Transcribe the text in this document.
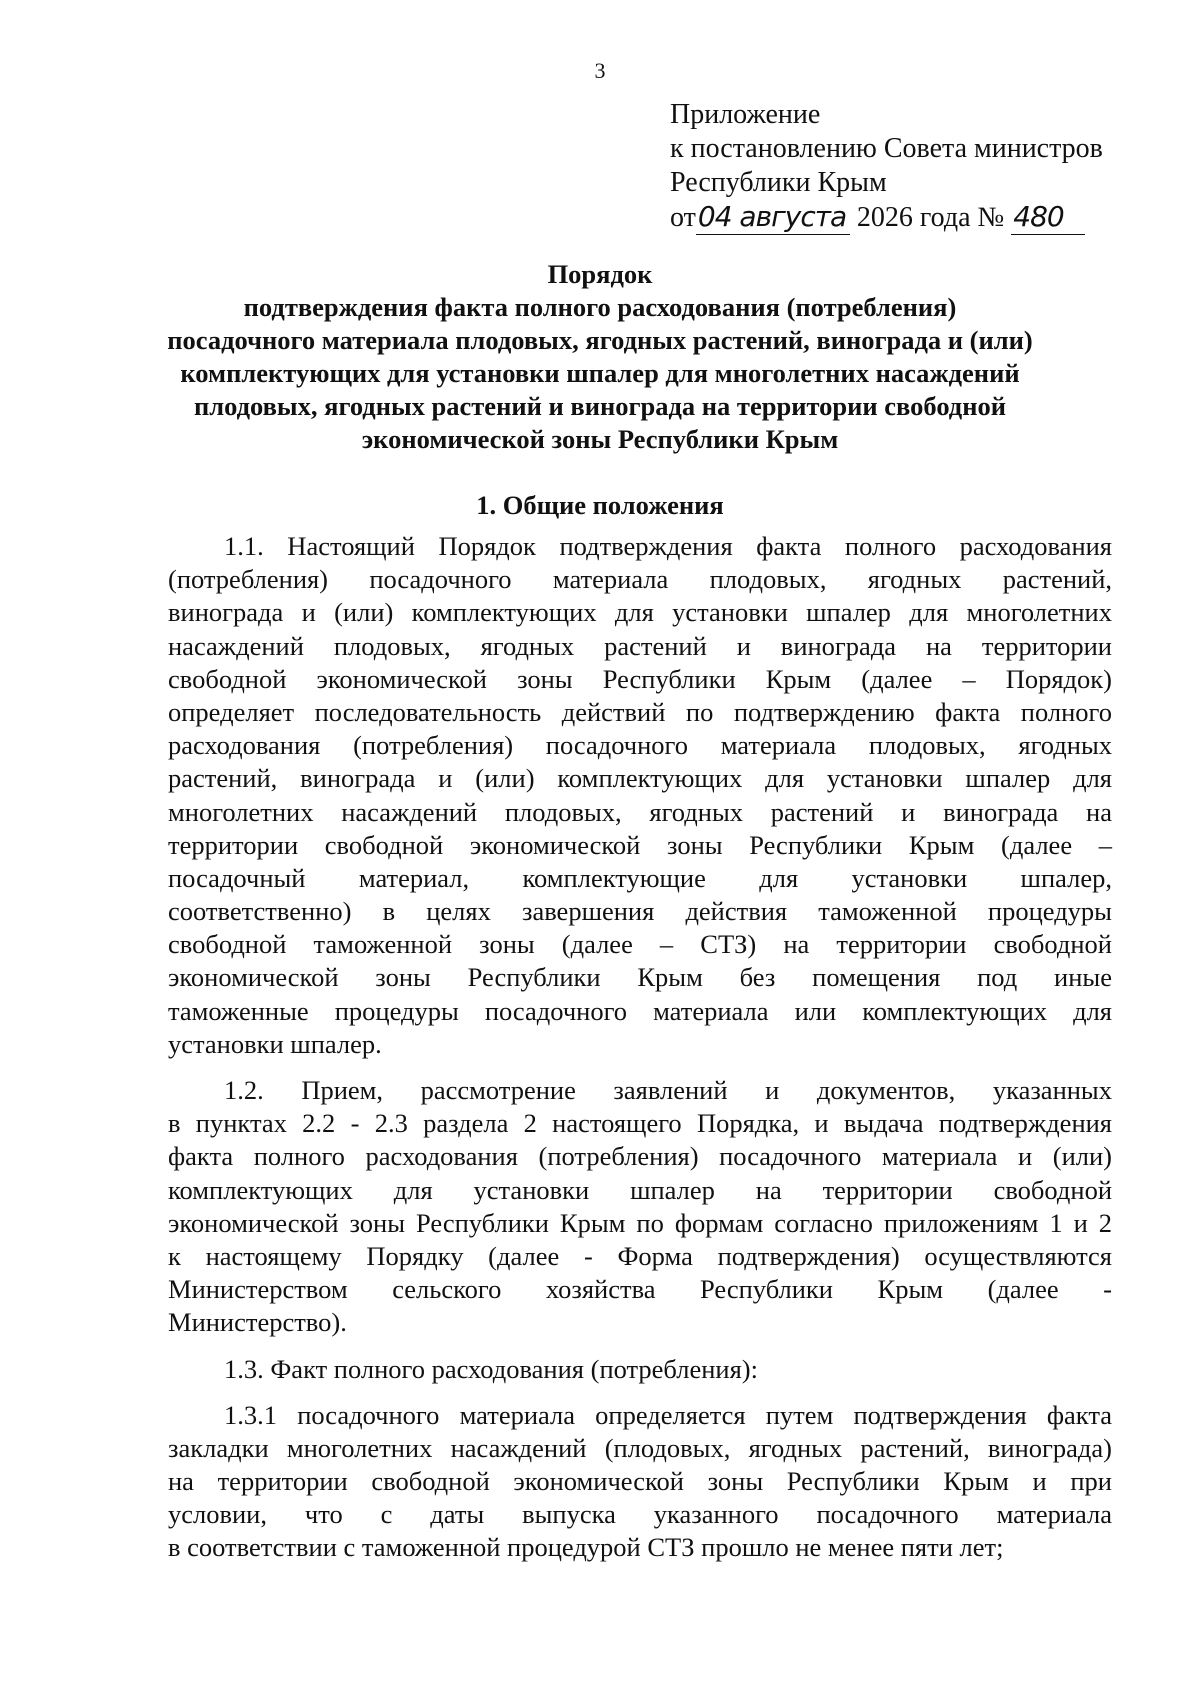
3
Приложение
к постановлению Совета министров
Республики Крым
от04 августа 2026 года № 480
Порядок
подтверждения факта полного расходования (потребления)
посадочного материала плодовых, ягодных растений, винограда и (или)
комплектующих для установки шпалер для многолетних насаждений
плодовых, ягодных растений и винограда на территории свободной
экономической зоны Республики Крым
1. Общие положения
1.1. Настоящий Порядок подтверждения факта полного расходования
(потребления) посадочного материала плодовых, ягодных растений,
винограда и (или) комплектующих для установки шпалер для многолетних
насаждений плодовых, ягодных растений и винограда на территории
свободной экономической зоны Республики Крым (далее – Порядок)
определяет последовательность действий по подтверждению факта полного
расходования (потребления) посадочного материала плодовых, ягодных
растений, винограда и (или) комплектующих для установки шпалер для
многолетних насаждений плодовых, ягодных растений и винограда на
территории свободной экономической зоны Республики Крым (далее –
посадочный материал, комплектующие для установки шпалер,
соответственно) в целях завершения действия таможенной процедуры
свободной таможенной зоны (далее – СТЗ) на территории свободной
экономической зоны Республики Крым без помещения под иные
таможенные процедуры посадочного материала или комплектующих для
установки шпалер.
1.2. Прием, рассмотрение заявлений и документов, указанных
в пунктах 2.2 - 2.3 раздела 2 настоящего Порядка, и выдача подтверждения
факта полного расходования (потребления) посадочного материала и (или)
комплектующих для установки шпалер на территории свободной
экономической зоны Республики Крым по формам согласно приложениям 1 и 2
к настоящему Порядку (далее - Форма подтверждения) осуществляются
Министерством сельского хозяйства Республики Крым (далее -
Министерство).
1.3. Факт полного расходования (потребления):
1.3.1 посадочного материала определяется путем подтверждения факта
закладки многолетних насаждений (плодовых, ягодных растений, винограда)
на территории свободной экономической зоны Республики Крым и при
условии, что с даты выпуска указанного посадочного материала
в соответствии с таможенной процедурой СТЗ прошло не менее пяти лет;
